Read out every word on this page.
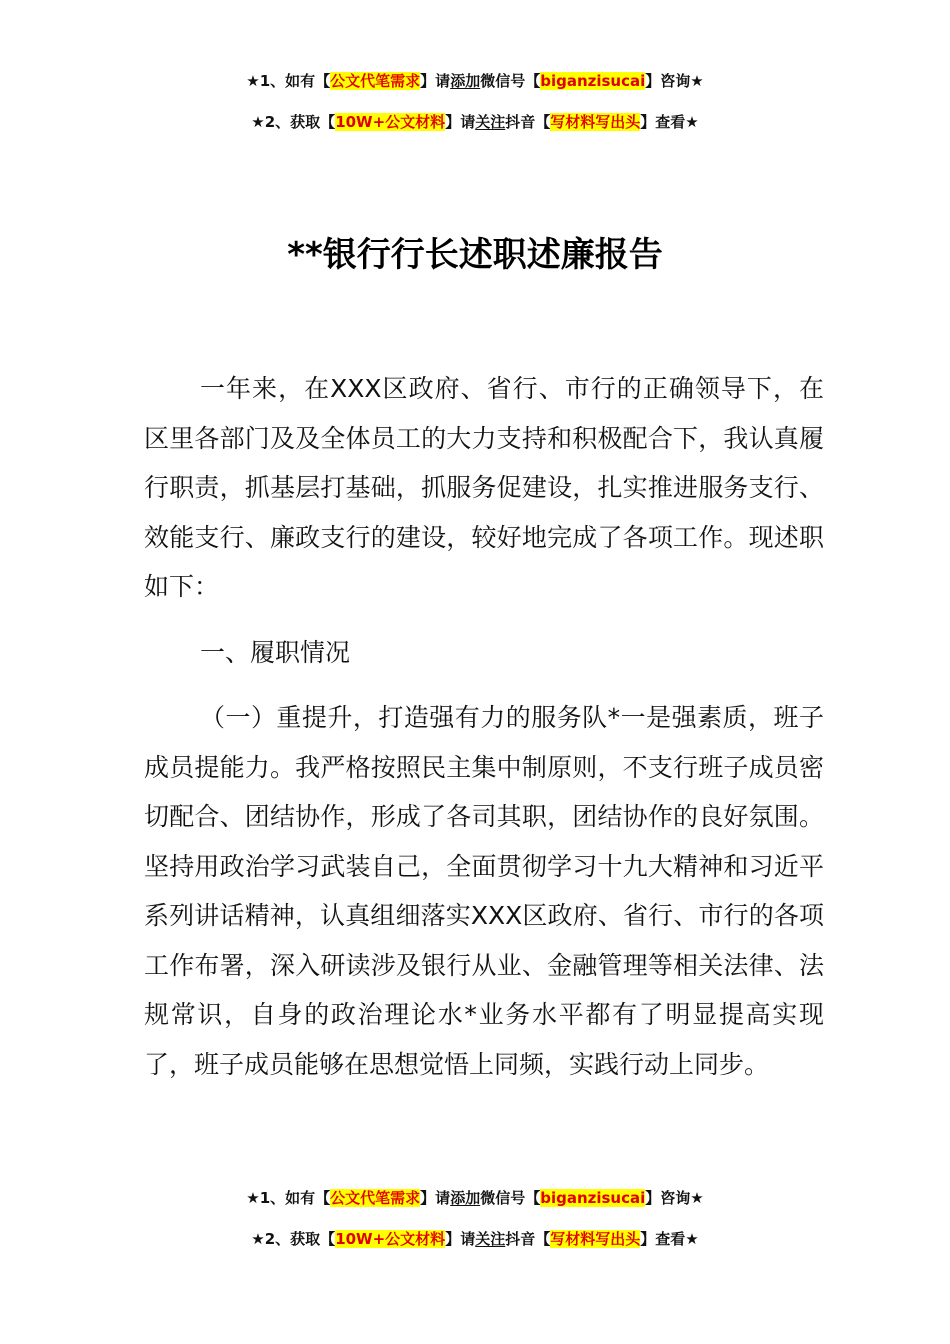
★1、如有【公文代笔需求】请添加微信号【biganzisucai】咨询★
★2、获取【10W+公文材料】请关注抖音【写材料写出头】查看★
**银行行长述职述廉报告

一年来，在XXX区政府、省行、市行的正确领导下，在区里各部门及及全体员工的大力支持和积极配合下，我认真履行职责，抓基层打基础，抓服务促建设，扎实推进服务支行、效能支行、廉政支行的建设，较好地完成了各项工作。现述职如下：

一、履职情况

（一）重提升，打造强有力的服务队*一是强素质，班子成员提能力。我严格按照民主集中制原则，不支行班子成员密切配合、团结协作，形成了各司其职，团结协作的良好氛围。坚持用政治学习武装自己，全面贯彻学习十九大精神和习近平系列讲话精神，认真组细落实XXX区政府、省行、市行的各项工作布署，深入研读涉及银行从业、金融管理等相关法律、法规常识，自身的政治理论水*业务水平都有了明显提高实现了，班子成员能够在思想觉悟上同频，实践行动上同步。

★1、如有【公文代笔需求】请添加微信号【biganzisucai】咨询★
★2、获取【10W+公文材料】请关注抖音【写材料写出头】查看★
